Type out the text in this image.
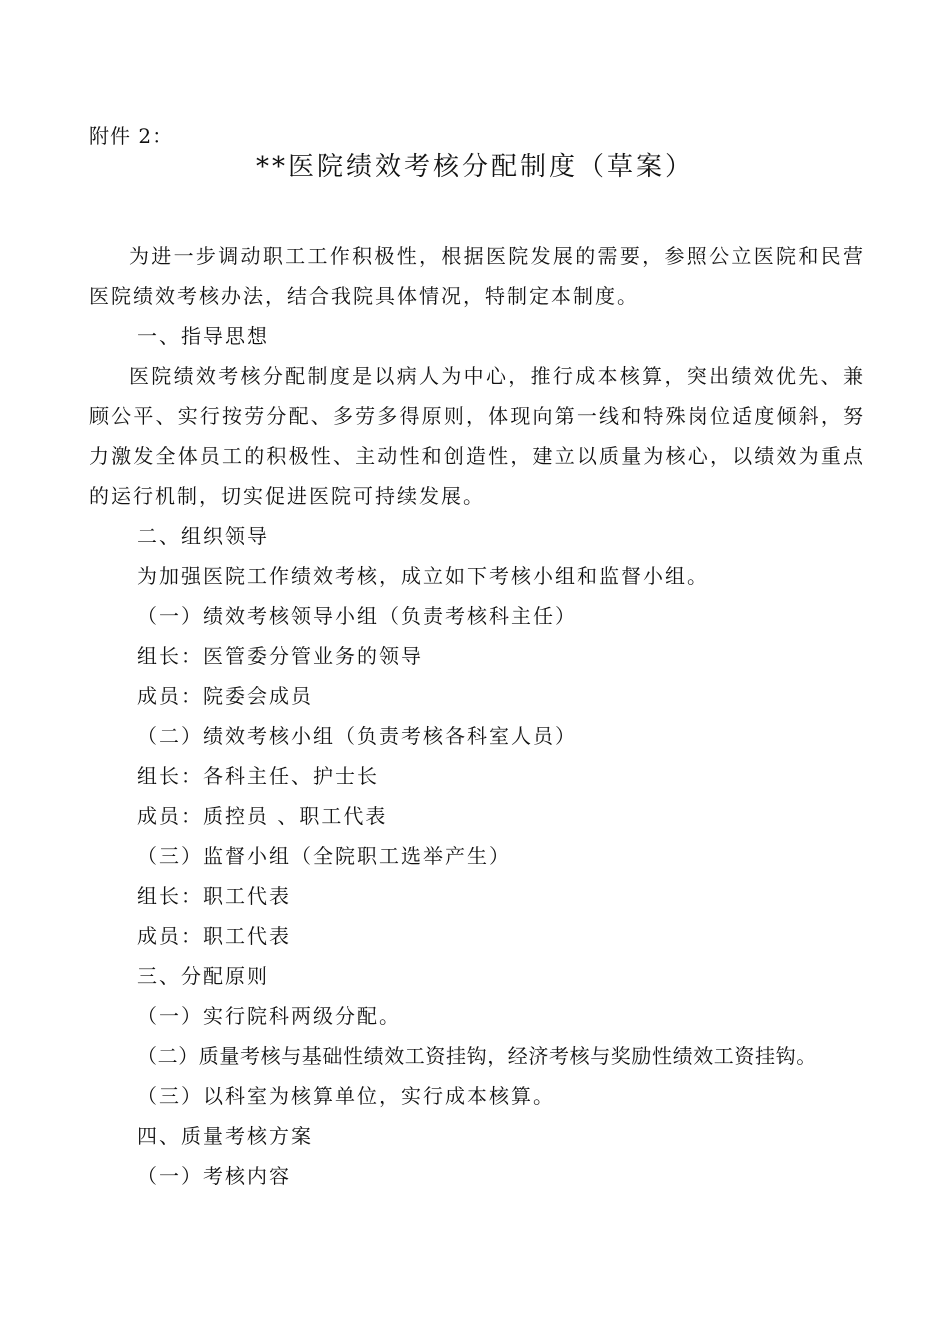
附件 2：
**医院绩效考核分配制度（草案）

为进一步调动职工工作积极性，根据医院发展的需要，参照公立医院和民营医院绩效考核办法，结合我院具体情况，特制定本制度。

一、指导思想

医院绩效考核分配制度是以病人为中心，推行成本核算，突出绩效优先、兼顾公平、实行按劳分配、多劳多得原则，体现向第一线和特殊岗位适度倾斜，努力激发全体员工的积极性、主动性和创造性，建立以质量为核心，以绩效为重点的运行机制，切实促进医院可持续发展。

二、组织领导

为加强医院工作绩效考核，成立如下考核小组和监督小组。

（一）绩效考核领导小组（负责考核科主任）

组长：医管委分管业务的领导

成员：院委会成员

（二）绩效考核小组（负责考核各科室人员）

组长：各科主任、护士长

成员：质控员 、职工代表

（三）监督小组（全院职工选举产生）

组长：职工代表

成员：职工代表

三、分配原则

（一）实行院科两级分配。

（二）质量考核与基础性绩效工资挂钩，经济考核与奖励性绩效工资挂钩。

（三）以科室为核算单位，实行成本核算。

四、质量考核方案

（一）考核内容
